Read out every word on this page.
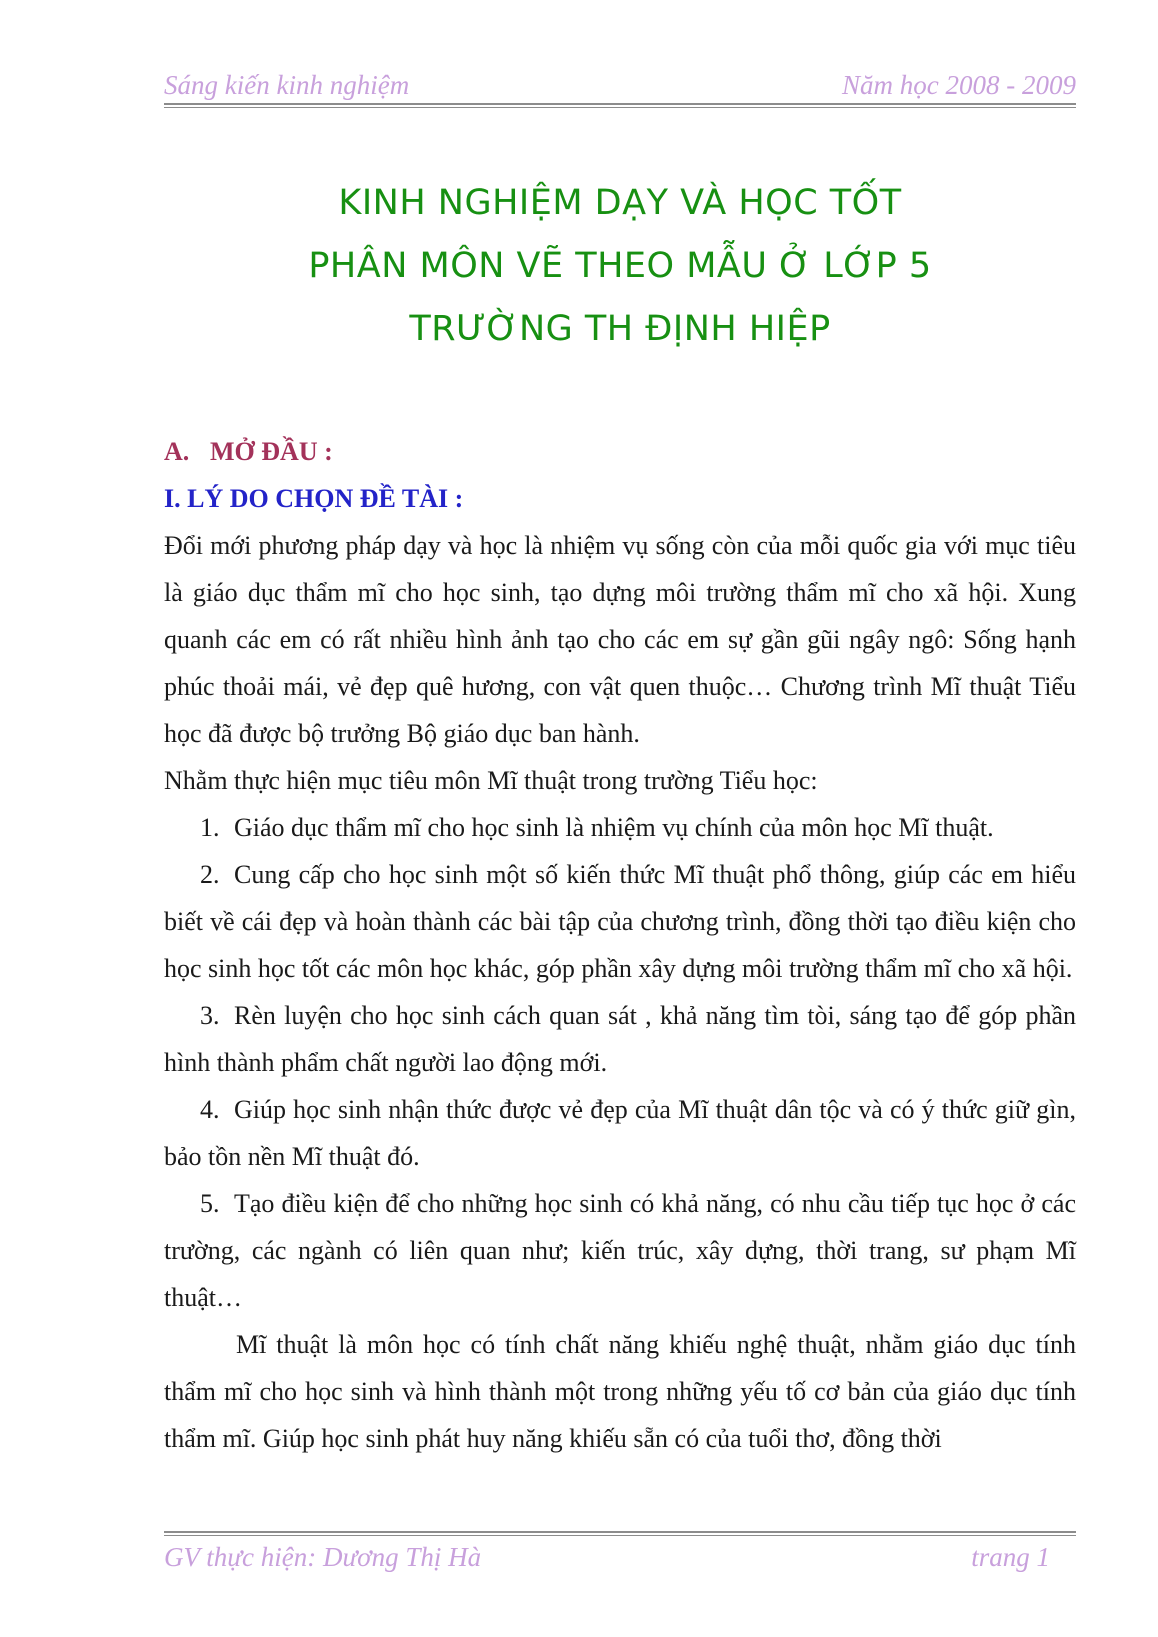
Sáng kiến kinh nghiệm	Năm học 2008 - 2009
KINH NGHIỆM DẠY VÀ HỌC TỐT
PHÂN MÔN VẼ THEO MẪU Ở LỚP 5
TRƯỜNG TH ĐỊNH HIỆP
A. MỞ ĐẦU :
I. LÝ DO CHỌN ĐỀ TÀI :

Đổi mới phương pháp dạy và học là nhiệm vụ sống còn của mỗi quốc gia với mục tiêu là giáo dục thẩm mĩ cho học sinh, tạo dựng môi trường thẩm mĩ cho xã hội. Xung quanh các em có rất nhiều hình ảnh tạo cho các em sự gần gũi ngây ngô: Sống hạnh phúc thoải mái, vẻ đẹp quê hương, con vật quen thuộc… Chương trình Mĩ thuật Tiểu học đã được bộ trưởng Bộ giáo dục ban hành.

Nhằm thực hiện mục tiêu môn Mĩ thuật trong trường Tiểu học:

1. Giáo dục thẩm mĩ cho học sinh là nhiệm vụ chính của môn học Mĩ thuật.

2. Cung cấp cho học sinh một số kiến thức Mĩ thuật phổ thông, giúp các em hiểu biết về cái đẹp và hoàn thành các bài tập của chương trình, đồng thời tạo điều kiện cho học sinh học tốt các môn học khác, góp phần xây dựng môi trường thẩm mĩ cho xã hội.

3. Rèn luyện cho học sinh cách quan sát , khả năng tìm tòi, sáng tạo để góp phần hình thành phẩm chất người lao động mới.

4. Giúp học sinh nhận thức được vẻ đẹp của Mĩ thuật dân tộc và có ý thức giữ gìn, bảo tồn nền Mĩ thuật đó.

5. Tạo điều kiện để cho những học sinh có khả năng, có nhu cầu tiếp tục học ở các trường, các ngành có liên quan như; kiến trúc, xây dựng, thời trang, sư phạm Mĩ thuật…

Mĩ thuật là môn học có tính chất năng khiếu nghệ thuật, nhằm giáo dục tính thẩm mĩ cho học sinh và hình thành một trong những yếu tố cơ bản của giáo dục tính thẩm mĩ. Giúp học sinh phát huy năng khiếu sẵn có của tuổi thơ, đồng thời

GV thực hiện: Dương Thị Hà	trang 1
